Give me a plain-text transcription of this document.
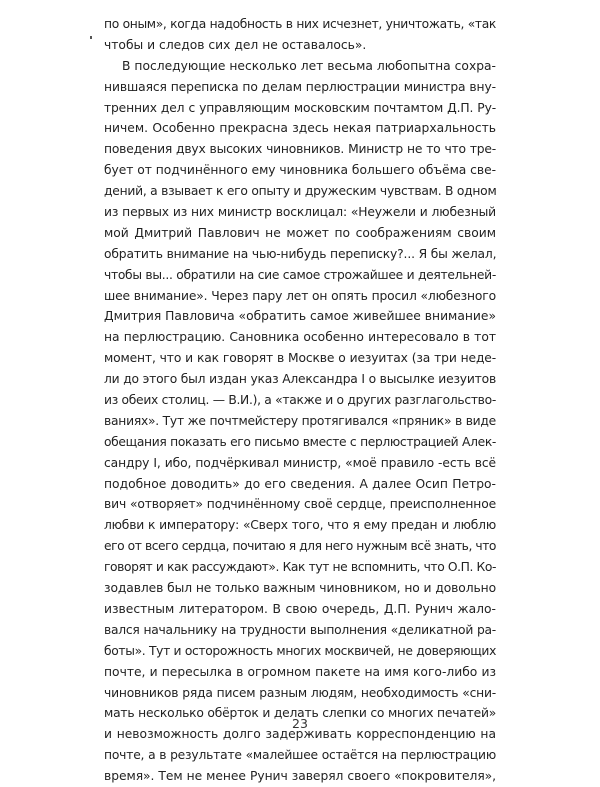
по оным», когда надобность в них исчезнет, уничтожать, «так
чтобы и следов сих дел не оставалось».
В последующие несколько лет весьма любопытна сохра-
нившаяся переписка по делам перлюстрации министра вну-
тренних дел с управляющим московским почтамтом Д.П. Ру-
ничем. Особенно прекрасна здесь некая патриархальность
поведения двух высоких чиновников. Министр не то что тре-
бует от подчинённого ему чиновника большего объёма све-
дений, а взывает к его опыту и дружеским чувствам. В одном
из первых из них министр восклицал: «Неужели и любезный
мой Дмитрий Павлович не может по соображениям своим
обратить внимание на чью-нибудь переписку?... Я бы желал,
чтобы вы... обратили на сие самое строжайшее и деятельней-
шее внимание». Через пару лет он опять просил «любезного
Дмитрия Павловича «обратить самое живейшее внимание»
на перлюстрацию. Сановника особенно интересовало в тот
момент, что и как говорят в Москве о иезуитах (за три неде-
ли до этого был издан указ Александра I о высылке иезуитов
из обеих столиц. — В.И.), а «также и о других разглагольство-
ваниях». Тут же почтмейстеру протягивался «пряник» в виде
обещания показать его письмо вместе с перлюстрацией Алек-
сандру I, ибо, подчёркивал министр, «моё правило -есть всё
подобное доводить» до его сведения. А далее Осип Петро-
вич «отворяет» подчинённому своё сердце, преисполненное
любви к императору: «Сверх того, что я ему предан и люблю
его от всего сердца, почитаю я для него нужным всё знать, что
говорят и как рассуждают». Как тут не вспомнить, что О.П. Ко-
зодавлев был не только важным чиновником, но и довольно
известным литератором. В свою очередь, Д.П. Рунич жало-
вался начальнику на трудности выполнения «деликатной ра-
боты». Тут и осторожность многих москвичей, не доверяющих
почте, и пересылка в огромном пакете на имя кого-либо из
чиновников ряда писем разным людям, необходимость «сни-
мать несколько обёрток и делать слепки со многих печатей»
и невозможность долго задерживать корреспонденцию на
почте, а в результате «малейшее остаётся на перлюстрацию
время». Тем не менее Рунич заверял своего «покровителя»,
23
